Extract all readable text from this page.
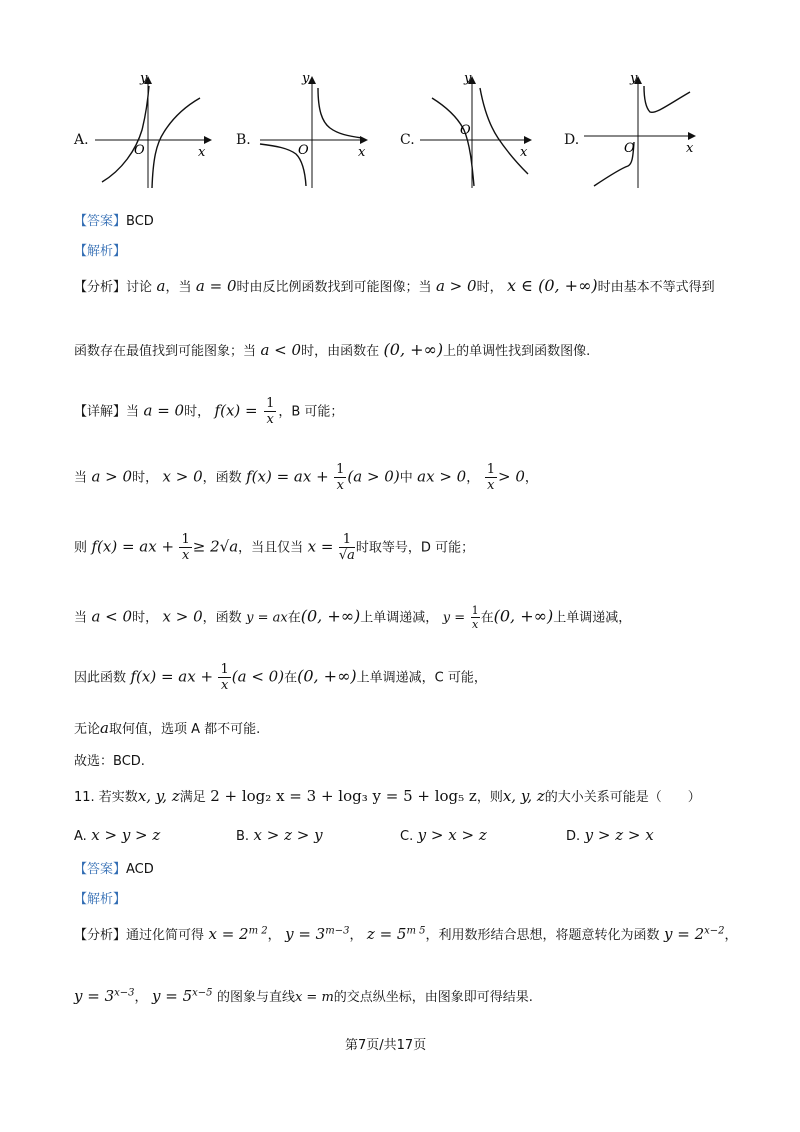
A.
y
x
O
B.
y
x
O
C.
y
x
O
D.
y
x
O
【答案】BCD
【解析】
【分析】讨论 a，当 a = 0时由反比例函数找到可能图像；当 a > 0时， x ∈ (0, +∞)时由基本不等式得到
函数存在最值找到可能图象；当 a < 0时，由函数在 (0, +∞)上的单调性找到函数图像.
【详解】当 a = 0时， $f(x) = \frac{1}{x}$ ，B 可能；
当 a > 0时， x > 0，函数 f(x) = ax + $\frac{1}{x} (a > 0)$中 ax > 0， $\frac{1}{x} > 0$，
则 f(x) = ax + $\frac{1}{x} \ge 2√a$，当且仅当 $x = \frac{1}{√a}$ 时取等号，D 可能；
当 a < 0时， x > 0，函数 y = ax在(0, +∞)上单调递减， $y = \frac{1}{x}$ 在(0, +∞)上单调递减，
因此函数 f(x) = ax + $\frac{1}{x} (a < 0)$在(0, +∞)上单调递减，C 可能，
无论a取何值，选项 A 都不可能.
故选：BCD.
11. 若实数x, y, z满足 2 + log₂ x = 3 + log₃ y = 5 + log₅ z，则x, y, z的大小关系可能是（　　）
A. x > y > z	B. x > z > y	C. y > x > z	D. y > z > x
【答案】ACD
【解析】
【分析】通过化简可得 $x = 2^{m 2}$， $y = 3^{m-3}$， $z = 5^{m 5}$，利用数形结合思想，将题意转化为函数 $y = 2^{x-2}$，
$y = 3^{x-3}$， $y = 5^{x-5}$ 的图象与直线x = m的交点纵坐标，由图象即可得结果.
第7页/共17页
